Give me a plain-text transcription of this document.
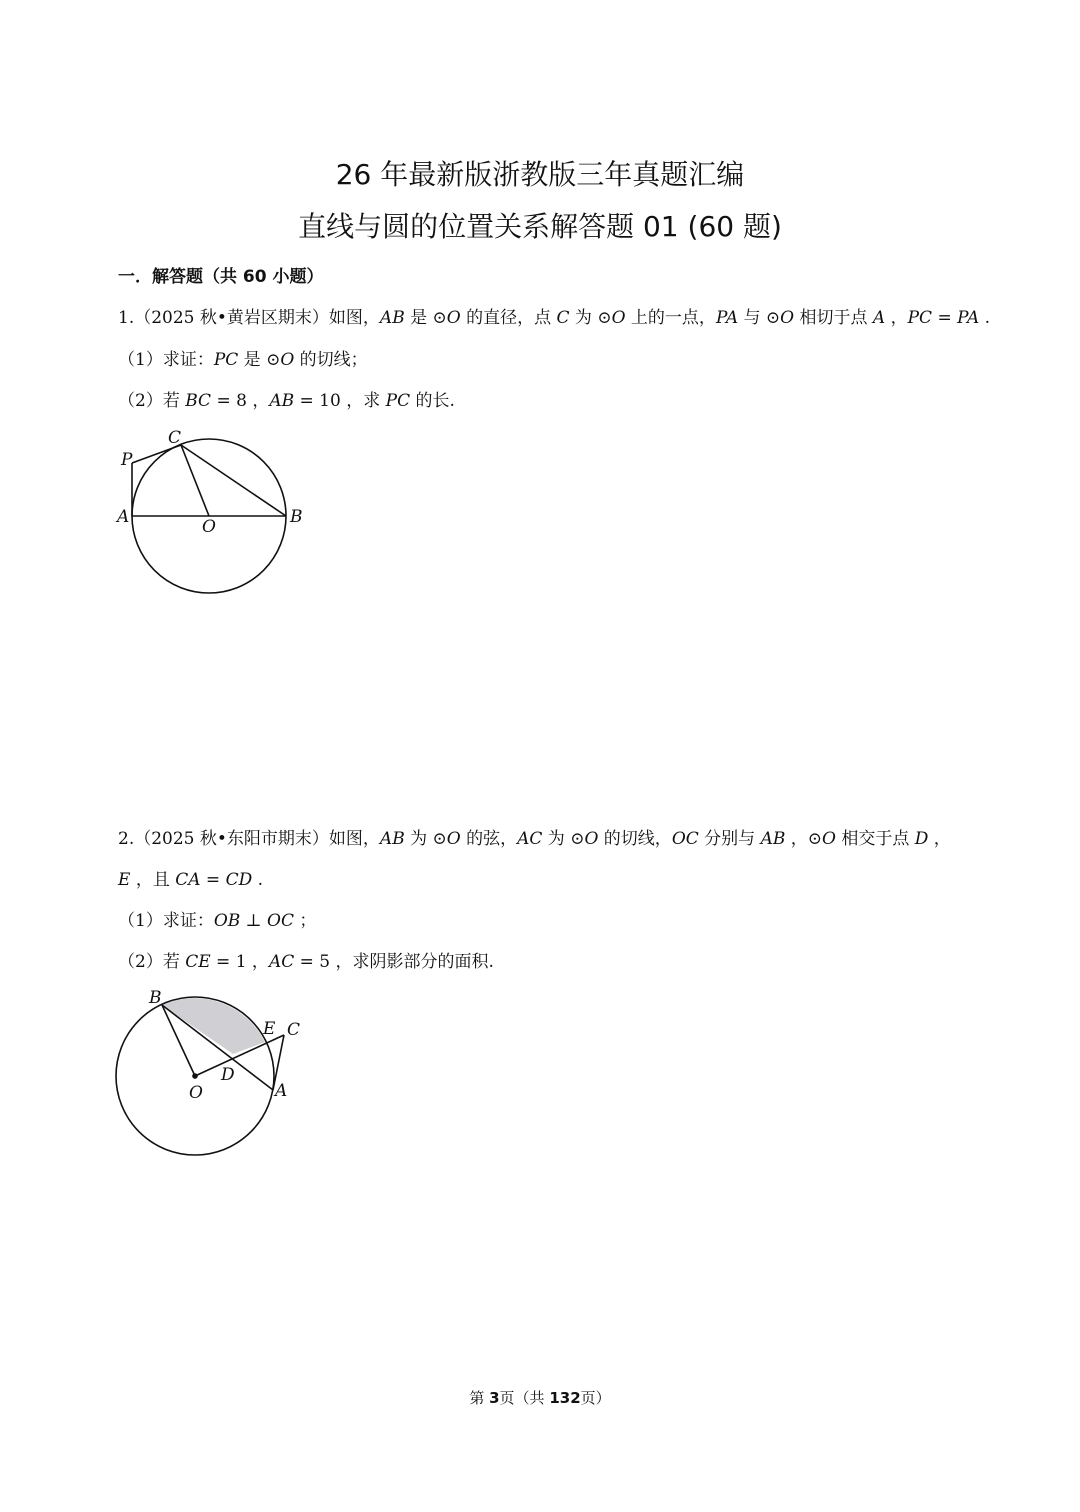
26 年最新版浙教版三年真题汇编
直线与圆的位置关系解答题 01 (60 题)
一．解答题（共 60 小题）
1.（2025 秋•黄岩区期末）如图，AB 是 ⊙O 的直径，点 C 为 ⊙O 上的一点，PA 与 ⊙O 相切于点 A ，PC = PA .
（1）求证：PC 是 ⊙O 的切线；
（2）若 BC = 8 ，AB = 10 ，求 PC 的长.
P
C
A	O	B
2.（2025 秋•东阳市期末）如图，AB 为 ⊙O 的弦，AC 为 ⊙O 的切线，OC 分别与 AB ，⊙O 相交于点 D ，
E ，且 CA = CD .
（1）求证：OB ⊥ OC ；
（2）若 CE = 1 ，AC = 5 ，求阴影部分的面积.
B
E C
D
O	A
第 3页（共 132页）
